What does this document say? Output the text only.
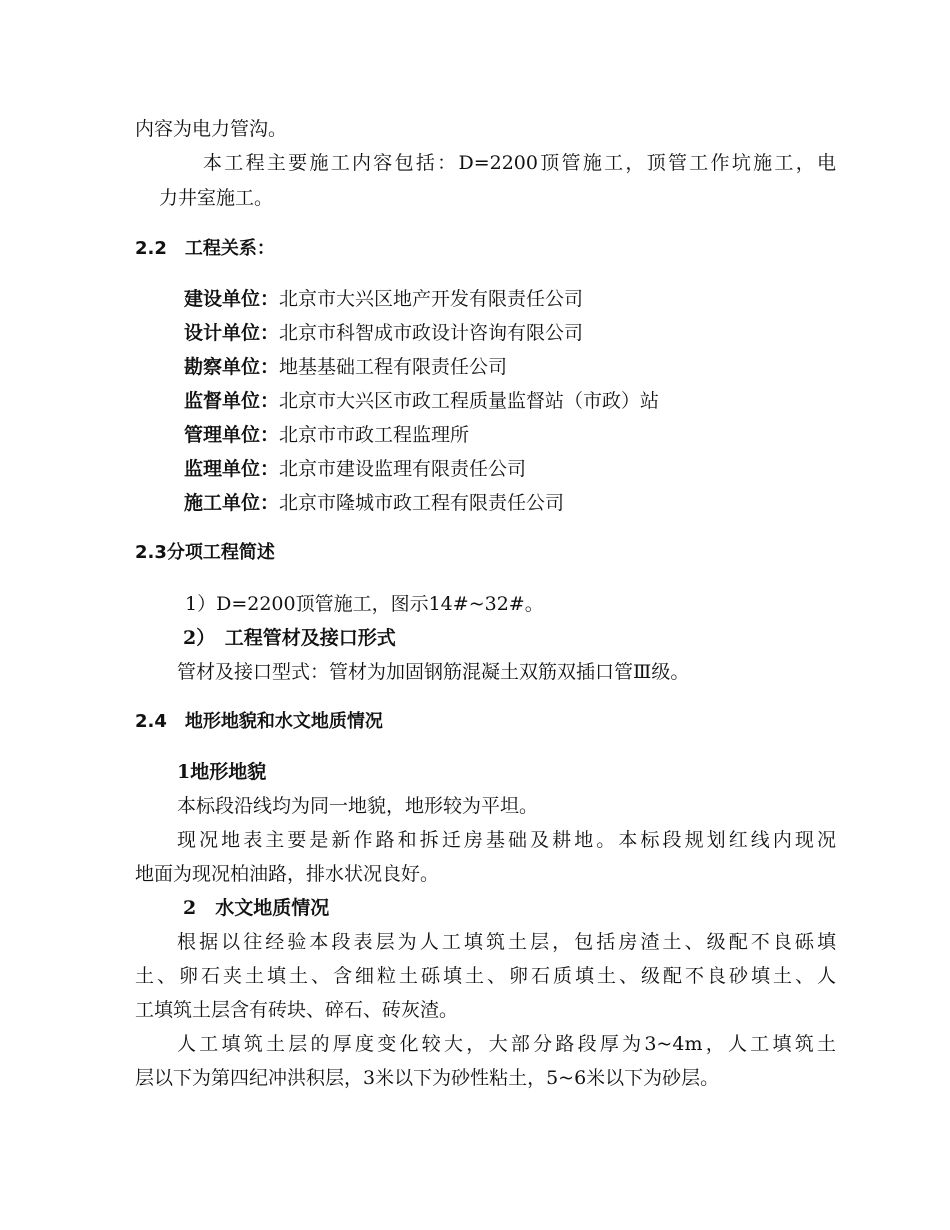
内容为电力管沟。
本工程主要施工内容包括：D=2200顶管施工，顶管工作坑施工，电
力井室施工。
2.2　工程关系：
建设单位：北京市大兴区地产开发有限责任公司
设计单位：北京市科智成市政设计咨询有限公司
勘察单位：地基基础工程有限责任公司
监督单位：北京市大兴区市政工程质量监督站（市政）站
管理单位：北京市市政工程监理所
监理单位：北京市建设监理有限责任公司
施工单位：北京市隆城市政工程有限责任公司
2.3分项工程简述
1）D=2200顶管施工，图示14#~32#。
2）　工程管材及接口形式
管材及接口型式：管材为加固钢筋混凝土双筋双插口管Ⅲ级。
2.4　地形地貌和水文地质情况
1地形地貌
本标段沿线均为同一地貌，地形较为平坦。
现况地表主要是新作路和拆迁房基础及耕地。本标段规划红线内现况
地面为现况柏油路，排水状况良好。
2　水文地质情况
根据以往经验本段表层为人工填筑土层，包括房渣土、级配不良砾填
土、卵石夹土填土、含细粒土砾填土、卵石质填土、级配不良砂填土、人
工填筑土层含有砖块、碎石、砖灰渣。
人工填筑土层的厚度变化较大，大部分路段厚为3~4m，人工填筑土
层以下为第四纪冲洪积层，3米以下为砂性粘土，5~6米以下为砂层。
